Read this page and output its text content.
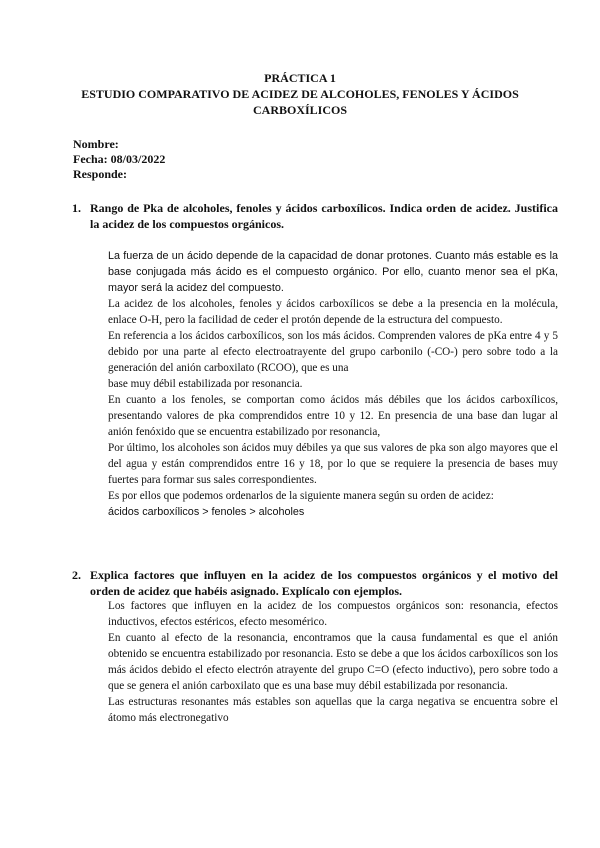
PRÁCTICA 1
ESTUDIO COMPARATIVO DE ACIDEZ DE ALCOHOLES, FENOLES Y ÁCIDOS
CARBOXÍLICOS
Nombre:
Fecha: 08/03/2022
Responde:
1. Rango de Pka de alcoholes, fenoles y ácidos carboxílicos. Indica orden de acidez. Justifica la acidez de los compuestos orgánicos.

La fuerza de un ácido depende de la capacidad de donar protones. Cuanto más estable es la base conjugada más ácido es el compuesto orgánico. Por ello, cuanto menor sea el pKa, mayor será la acidez del compuesto.

La acidez de los alcoholes, fenoles y ácidos carboxílicos se debe a la presencia en la molécula, enlace O-H, pero la facilidad de ceder el protón depende de la estructura del compuesto.

En referencia a los ácidos carboxílicos, son los más ácidos. Comprenden valores de pKa entre 4 y 5 debido por una parte al efecto electroatrayente del grupo carbonilo (-CO-) pero sobre todo a la generación del anión carboxilato (RCOO), que es una

base muy débil estabilizada por resonancia.

En cuanto a los fenoles, se comportan como ácidos más débiles que los ácidos carboxílicos, presentando valores de pka comprendidos entre 10 y 12. En presencia de una base dan lugar al anión fenóxido que se encuentra estabilizado por resonancia,

Por último, los alcoholes son ácidos muy débiles ya que sus valores de pka son algo mayores que el del agua y están comprendidos entre 16 y 18, por lo que se requiere la presencia de bases muy fuertes para formar sus sales correspondientes.

Es por ellos que podemos ordenarlos de la siguiente manera según su orden de acidez:

ácidos carboxílicos > fenoles > alcoholes

2. Explica factores que influyen en la acidez de los compuestos orgánicos y el motivo del orden de acidez que habéis asignado. Explícalo con ejemplos.

Los factores que influyen en la acidez de los compuestos orgánicos son: resonancia, efectos inductivos, efectos estéricos, efecto mesomérico.

En cuanto al efecto de la resonancia, encontramos que la causa fundamental es que el anión obtenido se encuentra estabilizado por resonancia. Esto se debe a que los ácidos carboxílicos son los más ácidos debido el efecto electrón atrayente del grupo C=O (efecto inductivo), pero sobre todo a que se genera el anión carboxilato que es una base muy débil estabilizada por resonancia.

Las estructuras resonantes más estables son aquellas que la carga negativa se encuentra sobre el átomo más electronegativo
